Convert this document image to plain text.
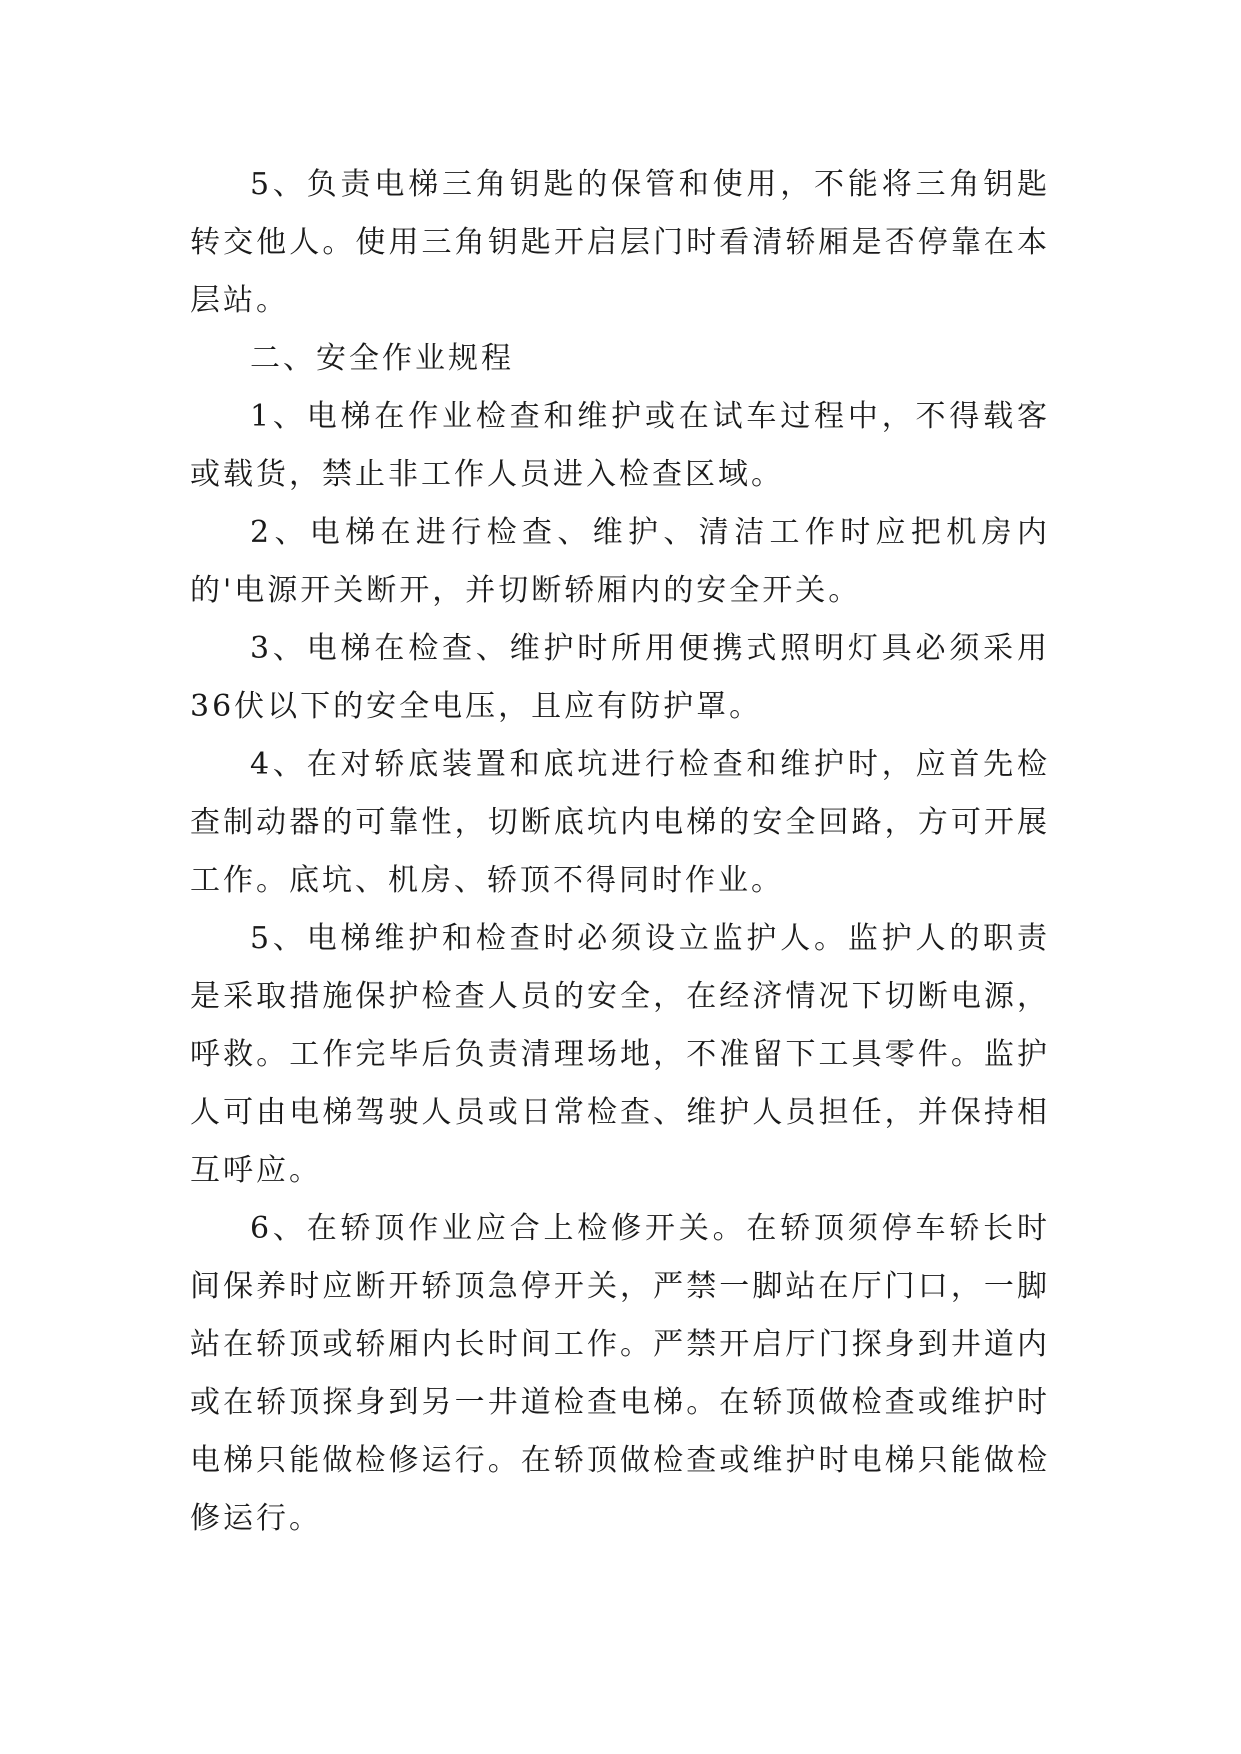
5、负责电梯三角钥匙的保管和使用，不能将三角钥匙转交他人。使用三角钥匙开启层门时看清轿厢是否停靠在本层站。

二、安全作业规程

1、电梯在作业检查和维护或在试车过程中，不得载客或载货，禁止非工作人员进入检查区域。

2、电梯在进行检查、维护、清洁工作时应把机房内的'电源开关断开，并切断轿厢内的安全开关。

3、电梯在检查、维护时所用便携式照明灯具必须采用36伏以下的安全电压，且应有防护罩。

4、在对轿底装置和底坑进行检查和维护时，应首先检查制动器的可靠性，切断底坑内电梯的安全回路，方可开展工作。底坑、机房、轿顶不得同时作业。

5、电梯维护和检查时必须设立监护人。监护人的职责是采取措施保护检查人员的安全，在经济情况下切断电源，呼救。工作完毕后负责清理场地，不准留下工具零件。监护人可由电梯驾驶人员或日常检查、维护人员担任，并保持相互呼应。

6、在轿顶作业应合上检修开关。在轿顶须停车轿长时间保养时应断开轿顶急停开关，严禁一脚站在厅门口，一脚站在轿顶或轿厢内长时间工作。严禁开启厅门探身到井道内或在轿顶探身到另一井道检查电梯。在轿顶做检查或维护时电梯只能做检修运行。在轿顶做检查或维护时电梯只能做检修运行。
